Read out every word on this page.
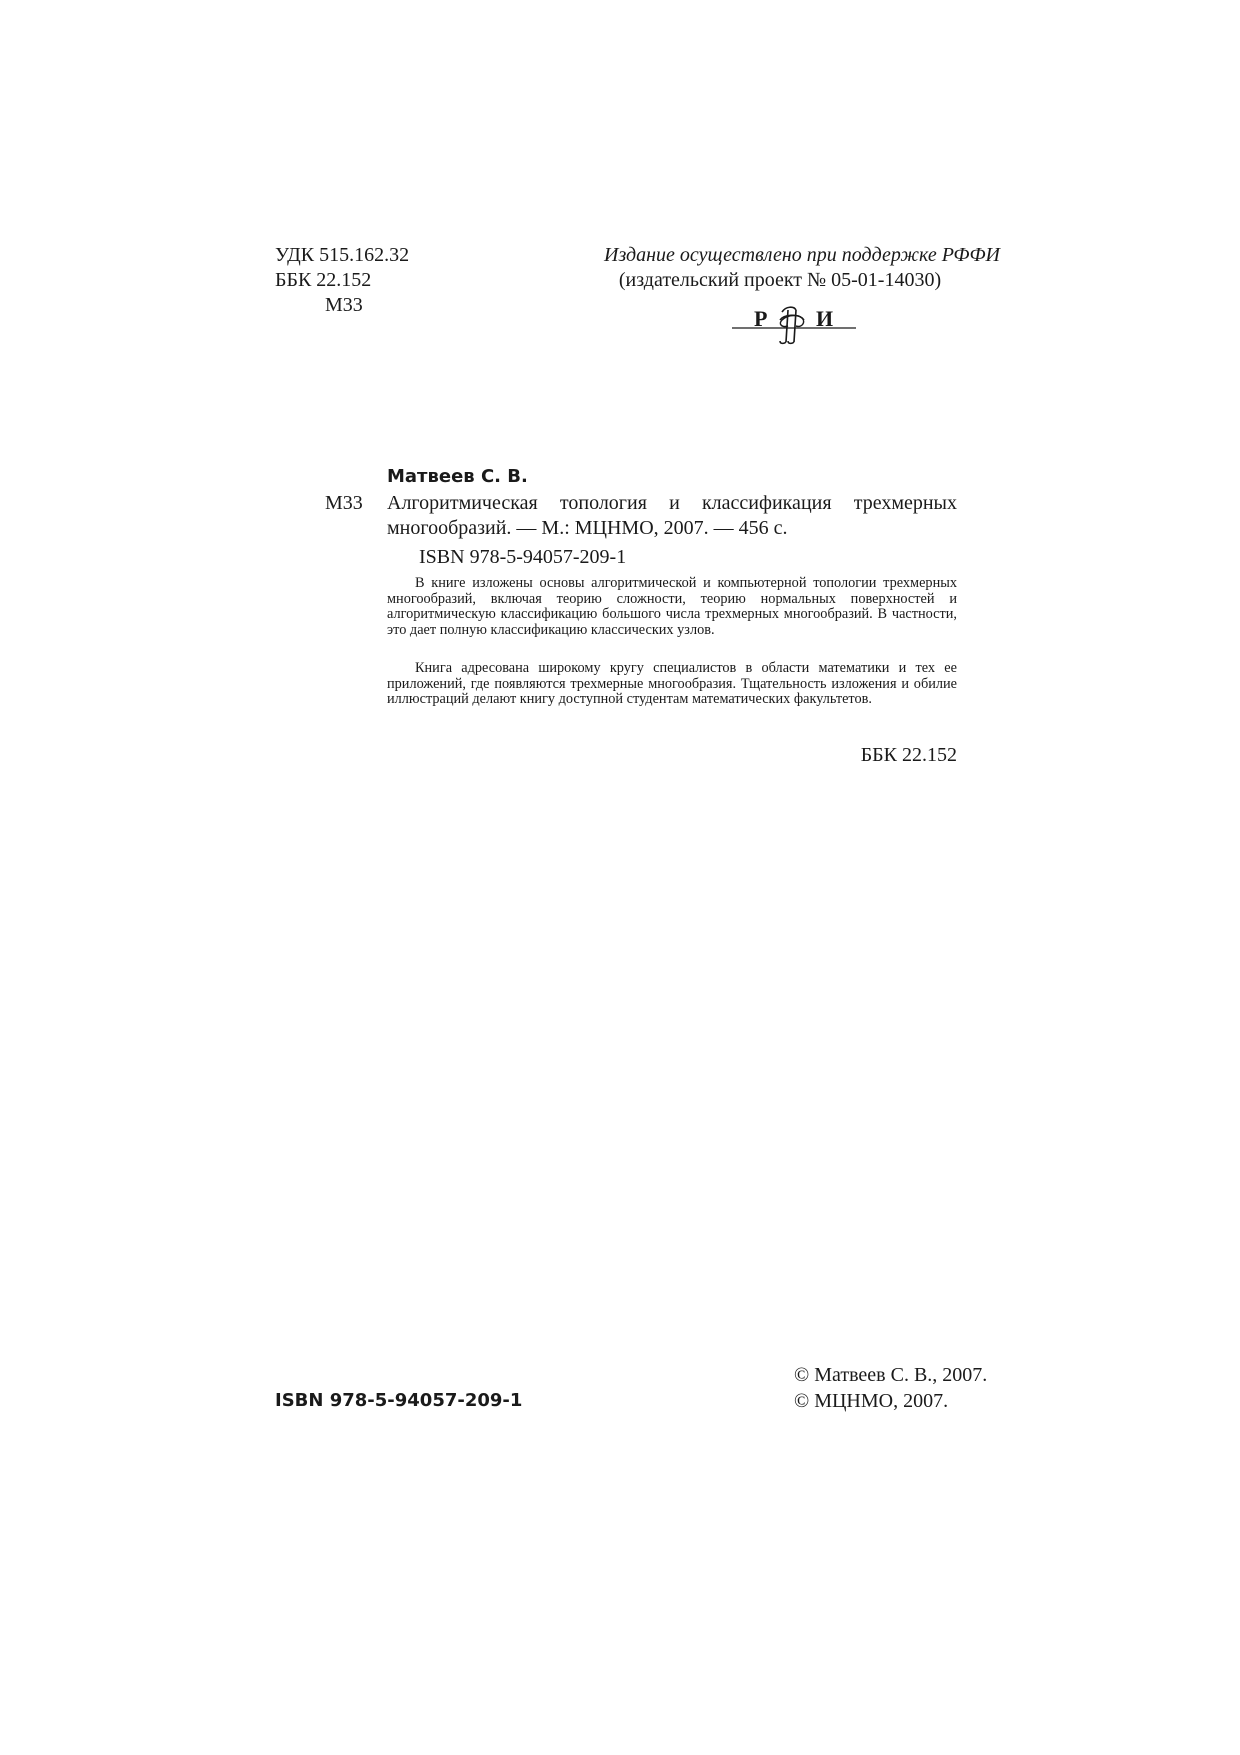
УДК 515.162.32
ББК 22.152
М33
Издание осуществлено при поддержке РФФИ
(издательский проект № 05-01-14030)
Р И
Матвеев С. В.
М33 Алгоритмическая топология и классификация трехмерных
многообразий. — М.: МЦНМО, 2007. — 456 с.
ISBN 978-5-94057-209-1
В книге изложены основы алгоритмической и компьютерной топологии трехмерных многообразий, включая теорию сложности, теорию нормальных поверхностей и алгоритмическую классификацию большого числа трехмерных многообразий. В частности, это дает полную классификацию классических узлов.
Книга адресована широкому кругу специалистов в области математики и тех ее приложений, где появляются трехмерные многообразия. Тщательность изложения и обилие иллюстраций делают книгу доступной студентам математических факультетов.
ББК 22.152
ISBN 978-5-94057-209-1
© Матвеев С. В., 2007.
© МЦНМО, 2007.
